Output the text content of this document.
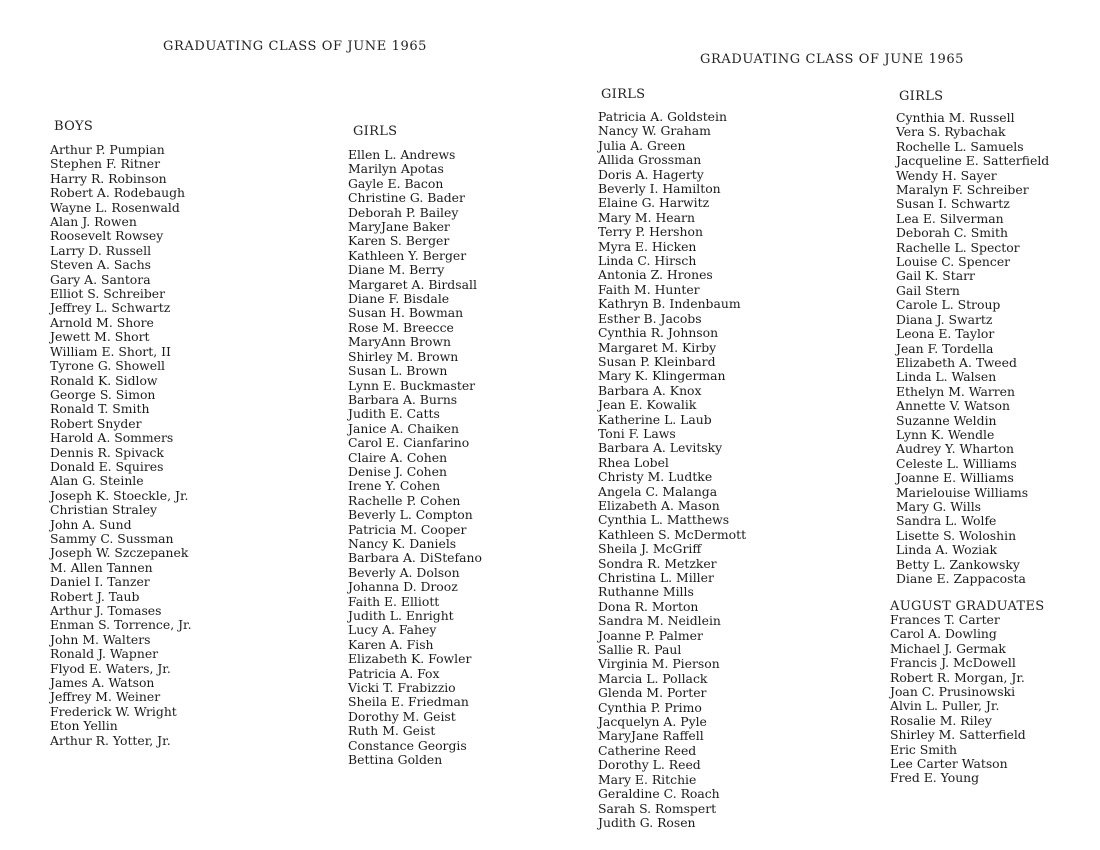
GRADUATING CLASS OF JUNE 1965
GRADUATING CLASS OF JUNE 1965
BOYS
Arthur P. Pumpian
Stephen F. Ritner
Harry R. Robinson
Robert A. Rodebaugh
Wayne L. Rosenwald
Alan J. Rowen
Roosevelt Rowsey
Larry D. Russell
Steven A. Sachs
Gary A. Santora
Elliot S. Schreiber
Jeffrey L. Schwartz
Arnold M. Shore
Jewett M. Short
William E. Short, II
Tyrone G. Showell
Ronald K. Sidlow
George S. Simon
Ronald T. Smith
Robert Snyder
Harold A. Sommers
Dennis R. Spivack
Donald E. Squires
Alan G. Steinle
Joseph K. Stoeckle, Jr.
Christian Straley
John A. Sund
Sammy C. Sussman
Joseph W. Szczepanek
M. Allen Tannen
Daniel I. Tanzer
Robert J. Taub
Arthur J. Tomases
Enman S. Torrence, Jr.
John M. Walters
Ronald J. Wapner
Flyod E. Waters, Jr.
James A. Watson
Jeffrey M. Weiner
Frederick W. Wright
Eton Yellin
Arthur R. Yotter, Jr.
GIRLS
Ellen L. Andrews
Marilyn Apotas
Gayle E. Bacon
Christine G. Bader
Deborah P. Bailey
MaryJane Baker
Karen S. Berger
Kathleen Y. Berger
Diane M. Berry
Margaret A. Birdsall
Diane F. Bisdale
Susan H. Bowman
Rose M. Breecce
MaryAnn Brown
Shirley M. Brown
Susan L. Brown
Lynn E. Buckmaster
Barbara A. Burns
Judith E. Catts
Janice A. Chaiken
Carol E. Cianfarino
Claire A. Cohen
Denise J. Cohen
Irene Y. Cohen
Rachelle P. Cohen
Beverly L. Compton
Patricia M. Cooper
Nancy K. Daniels
Barbara A. DiStefano
Beverly A. Dolson
Johanna D. Drooz
Faith E. Elliott
Judith L. Enright
Lucy A. Fahey
Karen A. Fish
Elizabeth K. Fowler
Patricia A. Fox
Vicki T. Frabizzio
Sheila E. Friedman
Dorothy M. Geist
Ruth M. Geist
Constance Georgis
Bettina Golden
GIRLS
Patricia A. Goldstein
Nancy W. Graham
Julia A. Green
Allida Grossman
Doris A. Hagerty
Beverly I. Hamilton
Elaine G. Harwitz
Mary M. Hearn
Terry P. Hershon
Myra E. Hicken
Linda C. Hirsch
Antonia Z. Hrones
Faith M. Hunter
Kathryn B. Indenbaum
Esther B. Jacobs
Cynthia R. Johnson
Margaret M. Kirby
Susan P. Kleinbard
Mary K. Klingerman
Barbara A. Knox
Jean E. Kowalik
Katherine L. Laub
Toni F. Laws
Barbara A. Levitsky
Rhea Lobel
Christy M. Ludtke
Angela C. Malanga
Elizabeth A. Mason
Cynthia L. Matthews
Kathleen S. McDermott
Sheila J. McGriff
Sondra R. Metzker
Christina L. Miller
Ruthanne Mills
Dona R. Morton
Sandra M. Neidlein
Joanne P. Palmer
Sallie R. Paul
Virginia M. Pierson
Marcia L. Pollack
Glenda M. Porter
Cynthia P. Primo
Jacquelyn A. Pyle
MaryJane Raffell
Catherine Reed
Dorothy L. Reed
Mary E. Ritchie
Geraldine C. Roach
Sarah S. Romspert
Judith G. Rosen
GIRLS
Cynthia M. Russell
Vera S. Rybachak
Rochelle L. Samuels
Jacqueline E. Satterfield
Wendy H. Sayer
Maralyn F. Schreiber
Susan I. Schwartz
Lea E. Silverman
Deborah C. Smith
Rachelle L. Spector
Louise C. Spencer
Gail K. Starr
Gail Stern
Carole L. Stroup
Diana J. Swartz
Leona E. Taylor
Jean F. Tordella
Elizabeth A. Tweed
Linda L. Walsen
Ethelyn M. Warren
Annette V. Watson
Suzanne Weldin
Lynn K. Wendle
Audrey Y. Wharton
Celeste L. Williams
Joanne E. Williams
Marielouise Williams
Mary G. Wills
Sandra L. Wolfe
Lisette S. Woloshin
Linda A. Woziak
Betty L. Zankowsky
Diane E. Zappacosta
AUGUST GRADUATES
Frances T. Carter
Carol A. Dowling
Michael J. Germak
Francis J. McDowell
Robert R. Morgan, Jr.
Joan C. Prusinowski
Alvin L. Puller, Jr.
Rosalie M. Riley
Shirley M. Satterfield
Eric Smith
Lee Carter Watson
Fred E. Young
